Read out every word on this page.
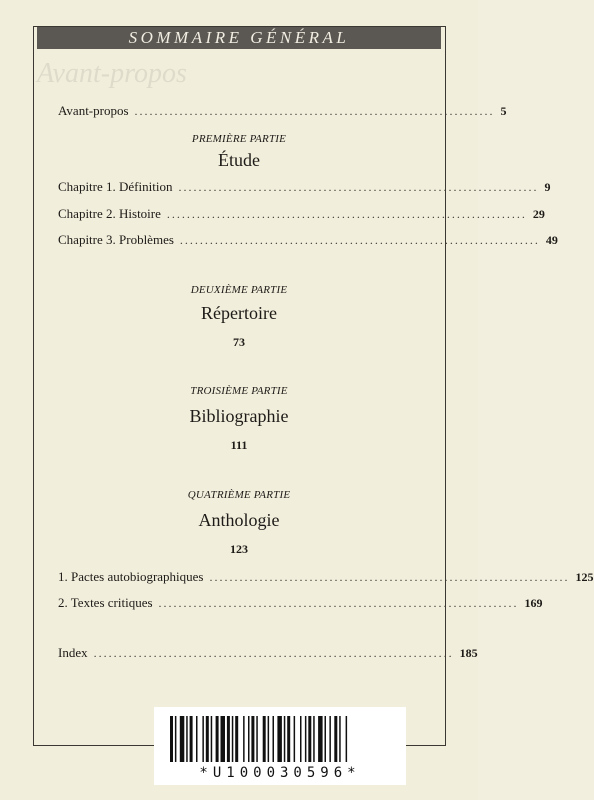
SOMMAIRE GÉNÉRAL
Avant-propos
Avant-propos ........................................................................ 5
PREMIÈRE PARTIE
Étude
Chapitre 1. Définition ........................................................................ 9
Chapitre 2. Histoire ........................................................................ 29
Chapitre 3. Problèmes ........................................................................ 49
DEUXIÈME PARTIE
Répertoire
73
TROISIÈME PARTIE
Bibliographie
111
QUATRIÈME PARTIE
Anthologie
123
1. Pactes autobiographiques ........................................................................ 125
2. Textes critiques ........................................................................ 169
Index ........................................................................ 185
*U100030596*
